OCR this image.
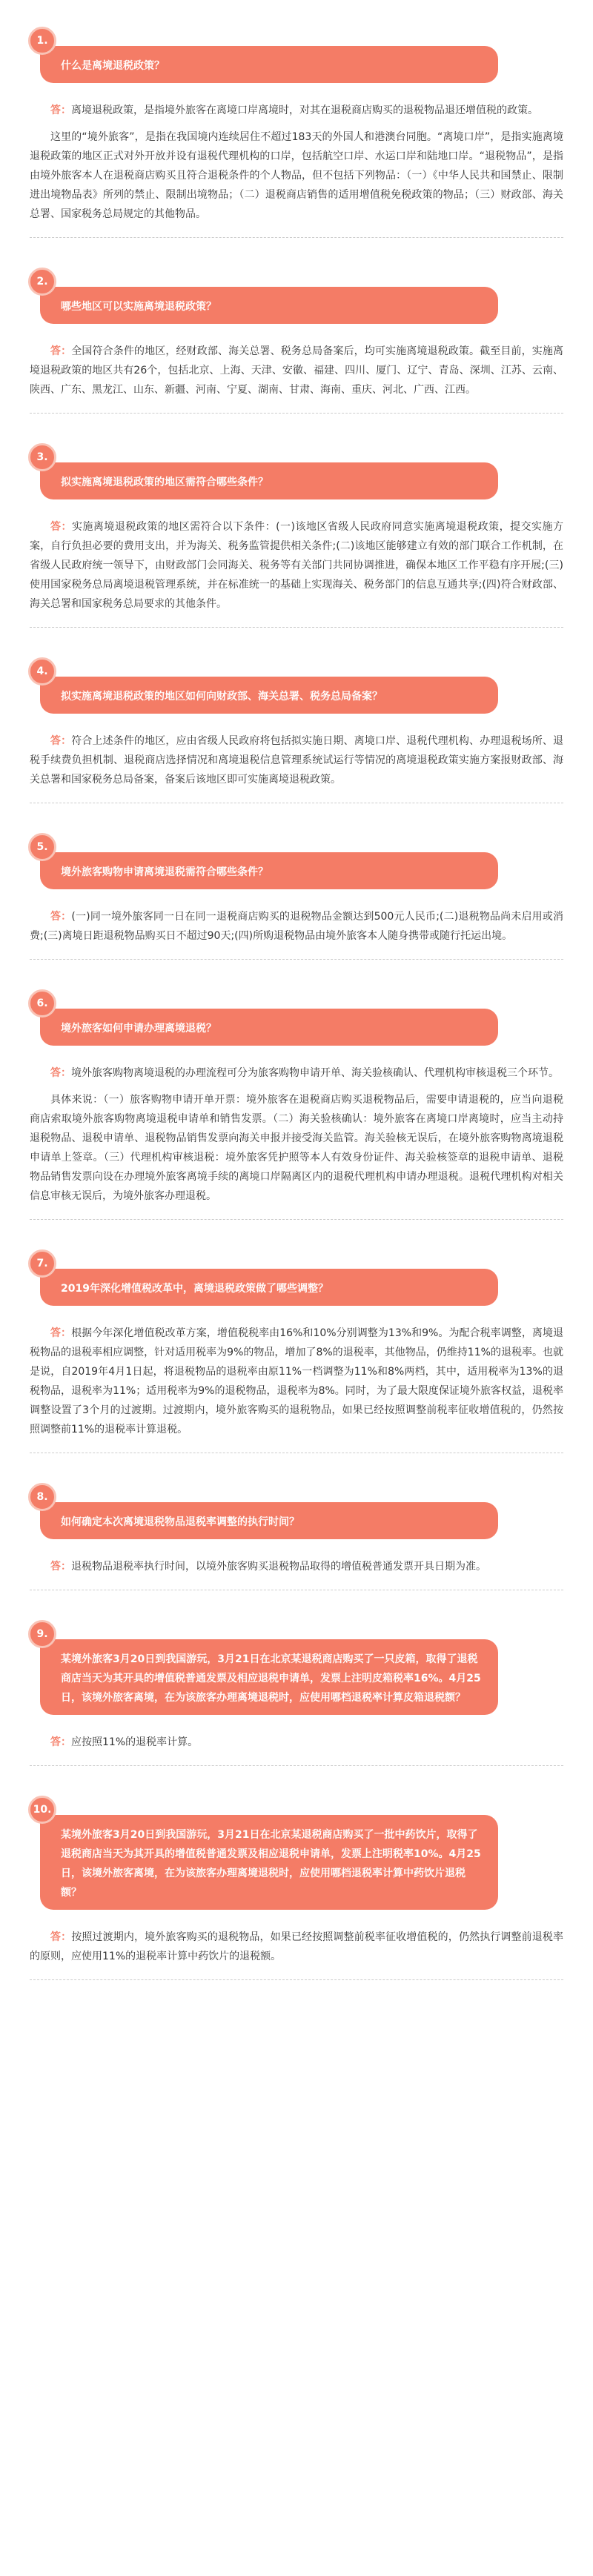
1.
什么是离境退税政策？

答：离境退税政策，是指境外旅客在离境口岸离境时，对其在退税商店购买的退税物品退还增值税的政策。

这里的“境外旅客”，是指在我国境内连续居住不超过183天的外国人和港澳台同胞。“离境口岸”，是指实施离境退税政策的地区正式对外开放并设有退税代理机构的口岸，包括航空口岸、水运口岸和陆地口岸。“退税物品”，是指由境外旅客本人在退税商店购买且符合退税条件的个人物品，但不包括下列物品：（一）《中华人民共和国禁止、限制进出境物品表》所列的禁止、限制出境物品；（二）退税商店销售的适用增值税免税政策的物品；（三）财政部、海关总署、国家税务总局规定的其他物品。

2.
哪些地区可以实施离境退税政策？

答：全国符合条件的地区，经财政部、海关总署、税务总局备案后，均可实施离境退税政策。截至目前，实施离境退税政策的地区共有26个，包括北京、上海、天津、安徽、福建、四川、厦门、辽宁、青岛、深圳、江苏、云南、陕西、广东、黑龙江、山东、新疆、河南、宁夏、湖南、甘肃、海南、重庆、河北、广西、江西。

3.
拟实施离境退税政策的地区需符合哪些条件？

答：实施离境退税政策的地区需符合以下条件：(一)该地区省级人民政府同意实施离境退税政策，提交实施方案，自行负担必要的费用支出，并为海关、税务监管提供相关条件;(二)该地区能够建立有效的部门联合工作机制，在省级人民政府统一领导下，由财政部门会同海关、税务等有关部门共同协调推进，确保本地区工作平稳有序开展;(三)使用国家税务总局离境退税管理系统，并在标准统一的基础上实现海关、税务部门的信息互通共享;(四)符合财政部、海关总署和国家税务总局要求的其他条件。

4.
拟实施离境退税政策的地区如何向财政部、海关总署、税务总局备案？

答：符合上述条件的地区，应由省级人民政府将包括拟实施日期、离境口岸、退税代理机构、办理退税场所、退税手续费负担机制、退税商店选择情况和离境退税信息管理系统试运行等情况的离境退税政策实施方案报财政部、海关总署和国家税务总局备案，备案后该地区即可实施离境退税政策。

5.
境外旅客购物申请离境退税需符合哪些条件？

答：(一)同一境外旅客同一日在同一退税商店购买的退税物品金额达到500元人民币;(二)退税物品尚未启用或消费;(三)离境日距退税物品购买日不超过90天;(四)所购退税物品由境外旅客本人随身携带或随行托运出境。

6.
境外旅客如何申请办理离境退税？

答：境外旅客购物离境退税的办理流程可分为旅客购物申请开单、海关验核确认、代理机构审核退税三个环节。

具体来说：（一）旅客购物申请开单开票：境外旅客在退税商店购买退税物品后，需要申请退税的，应当向退税商店索取境外旅客购物离境退税申请单和销售发票。（二）海关验核确认：境外旅客在离境口岸离境时，应当主动持退税物品、退税申请单、退税物品销售发票向海关申报并接受海关监管。海关验核无误后，在境外旅客购物离境退税申请单上签章。（三）代理机构审核退税：境外旅客凭护照等本人有效身份证件、海关验核签章的退税申请单、退税物品销售发票向设在办理境外旅客离境手续的离境口岸隔离区内的退税代理机构申请办理退税。退税代理机构对相关信息审核无误后，为境外旅客办理退税。

7.
2019年深化增值税改革中，离境退税政策做了哪些调整？

答：根据今年深化增值税改革方案，增值税税率由16%和10%分别调整为13%和9%。为配合税率调整，离境退税物品的退税率相应调整，针对适用税率为9%的物品，增加了8%的退税率，其他物品，仍维持11%的退税率。也就是说，自2019年4月1日起，将退税物品的退税率由原11%一档调整为11%和8%两档，其中，适用税率为13%的退税物品，退税率为11%；适用税率为9%的退税物品，退税率为8%。同时，为了最大限度保证境外旅客权益，退税率调整设置了3个月的过渡期。过渡期内，境外旅客购买的退税物品，如果已经按照调整前税率征收增值税的，仍然按照调整前11%的退税率计算退税。

8.
如何确定本次离境退税物品退税率调整的执行时间？

答：退税物品退税率执行时间，以境外旅客购买退税物品取得的增值税普通发票开具日期为准。

9.
某境外旅客3月20日到我国游玩，3月21日在北京某退税商店购买了一只皮箱，取得了退税商店当天为其开具的增值税普通发票及相应退税申请单，发票上注明皮箱税率16%。4月25日，该境外旅客离境，在为该旅客办理离境退税时，应使用哪档退税率计算皮箱退税额？

答：应按照11%的退税率计算。

10.
某境外旅客3月20日到我国游玩，3月21日在北京某退税商店购买了一批中药饮片，取得了退税商店当天为其开具的增值税普通发票及相应退税申请单，发票上注明税率10%。4月25日，该境外旅客离境，在为该旅客办理离境退税时，应使用哪档退税率计算中药饮片退税额？

答：按照过渡期内，境外旅客购买的退税物品，如果已经按照调整前税率征收增值税的，仍然执行调整前退税率的原则，应使用11%的退税率计算中药饮片的退税额。
